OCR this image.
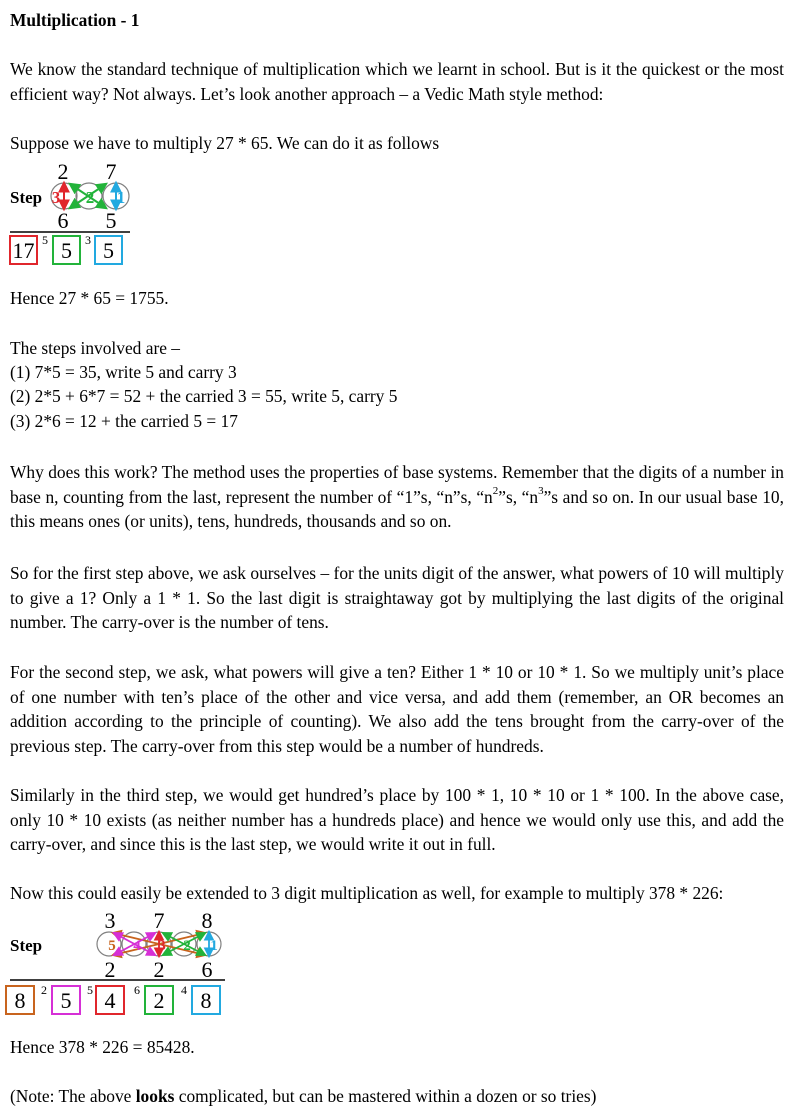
Multiplication - 1
We know the standard technique of multiplication which we learnt in school. But is it the quickest or the most efficient way? Not always. Let’s look another approach – a Vedic Math style method:
Suppose we have to multiply 27 * 65. We can do it as follows
2 7
Step 3 2 1
6 5
17 5 5 3 5
Hence 27 * 65 = 1755.
The steps involved are –
(1) 7*5 = 35, write 5 and carry 3
(2) 2*5 + 6*7 = 52 + the carried 3 = 55, write 5, carry 5
(3) 2*6 = 12 + the carried 5 = 17
Why does this work? The method uses the properties of base systems. Remember that the digits of a number in base n, counting from the last, represent the number of “1”s, “n”s, “$n^2”s$, “$n^3”s$ and so on. In our usual base 10, this means ones (or units), tens, hundreds, thousands and so on.
So for the first step above, we ask ourselves – for the units digit of the answer, what powers of 10 will multiply to give a 1? Only a 1 * 1. So the last digit is straightaway got by multiplying the last digits of the original number. The carry-over is the number of tens.
For the second step, we ask, what powers will give a ten? Either 1 * 10 or 10 * 1. So we multiply unit’s place of one number with ten’s place of the other and vice versa, and add them (remember, an OR becomes an addition according to the principle of counting). We also add the tens brought from the carry-over of the previous step. The carry-over from this step would be a number of hundreds.
Similarly in the third step, we would get hundred’s place by 100 * 1, 10 * 10 or 1 * 100. In the above case, only 10 * 10 exists (as neither number has a hundreds place) and hence we would only use this, and add the carry-over, and since this is the last step, we would write it out in full.
Now this could easily be extended to 3 digit multiplication as well, for example to multiply 378 * 226:
3 7 8
Step	5 4 3 2 1
2 2 6
8 2 5 5 4 6 2 4 8
Hence 378 * 226 = 85428.
(Note: The above looks complicated, but can be mastered within a dozen or so tries)
